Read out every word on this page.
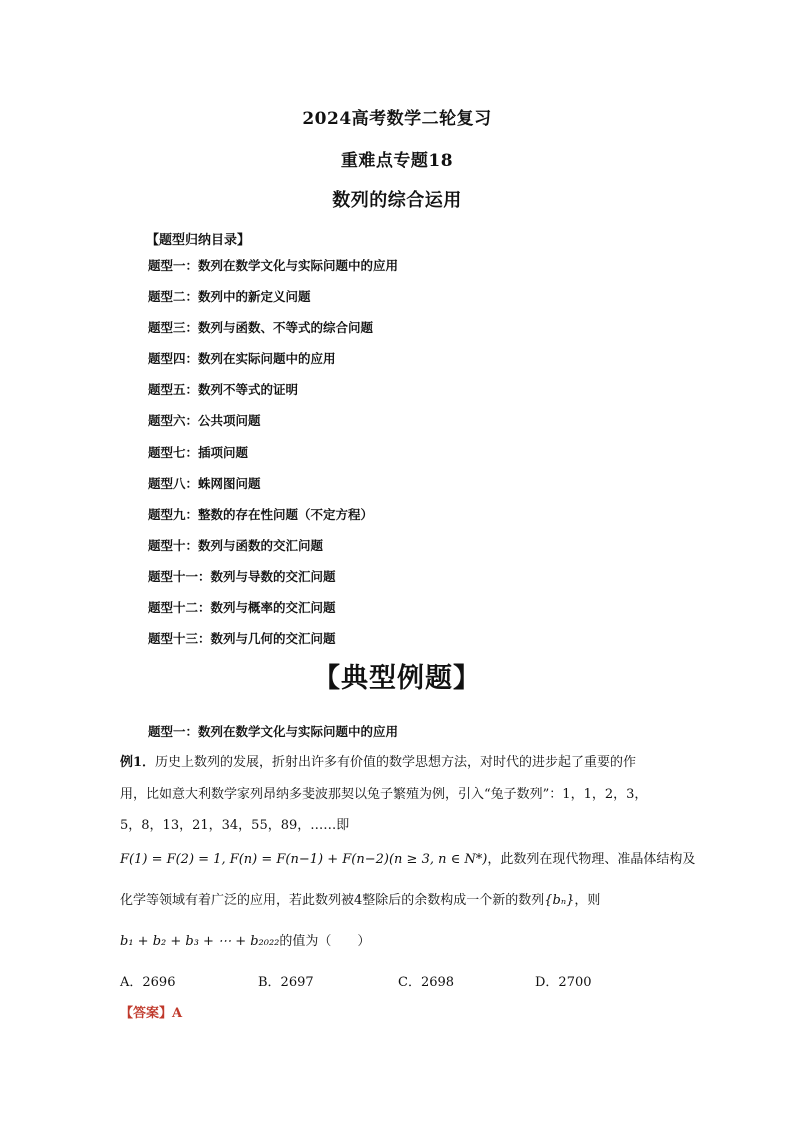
2024高考数学二轮复习
重难点专题18
数列的综合运用
【题型归纳目录】
题型一：数列在数学文化与实际问题中的应用
题型二：数列中的新定义问题
题型三：数列与函数、不等式的综合问题
题型四：数列在实际问题中的应用
题型五：数列不等式的证明
题型六：公共项问题
题型七：插项问题
题型八：蛛网图问题
题型九：整数的存在性问题（不定方程）
题型十：数列与函数的交汇问题
题型十一：数列与导数的交汇问题
题型十二：数列与概率的交汇问题
题型十三：数列与几何的交汇问题
【典型例题】
题型一：数列在数学文化与实际问题中的应用
例1．历史上数列的发展，折射出许多有价值的数学思想方法，对时代的进步起了重要的作
用，比如意大利数学家列昂纳多斐波那契以兔子繁殖为例，引入“兔子数列”：1，1，2，3，
5，8，13，21，34，55，89，……即
F(1) = F(2) = 1, F(n) = F(n−1) + F(n−2)(n ≥ 3, n ∈ N*)，此数列在现代物理、准晶体结构及
化学等领域有着广泛的应用，若此数列被4整除后的余数构成一个新的数列{bₙ}，则
b₁ + b₂ + b₃ + ⋯ + b₂₀₂₂的值为（　　）
A．2696	B．2697	C．2698	D．2700
【答案】A
